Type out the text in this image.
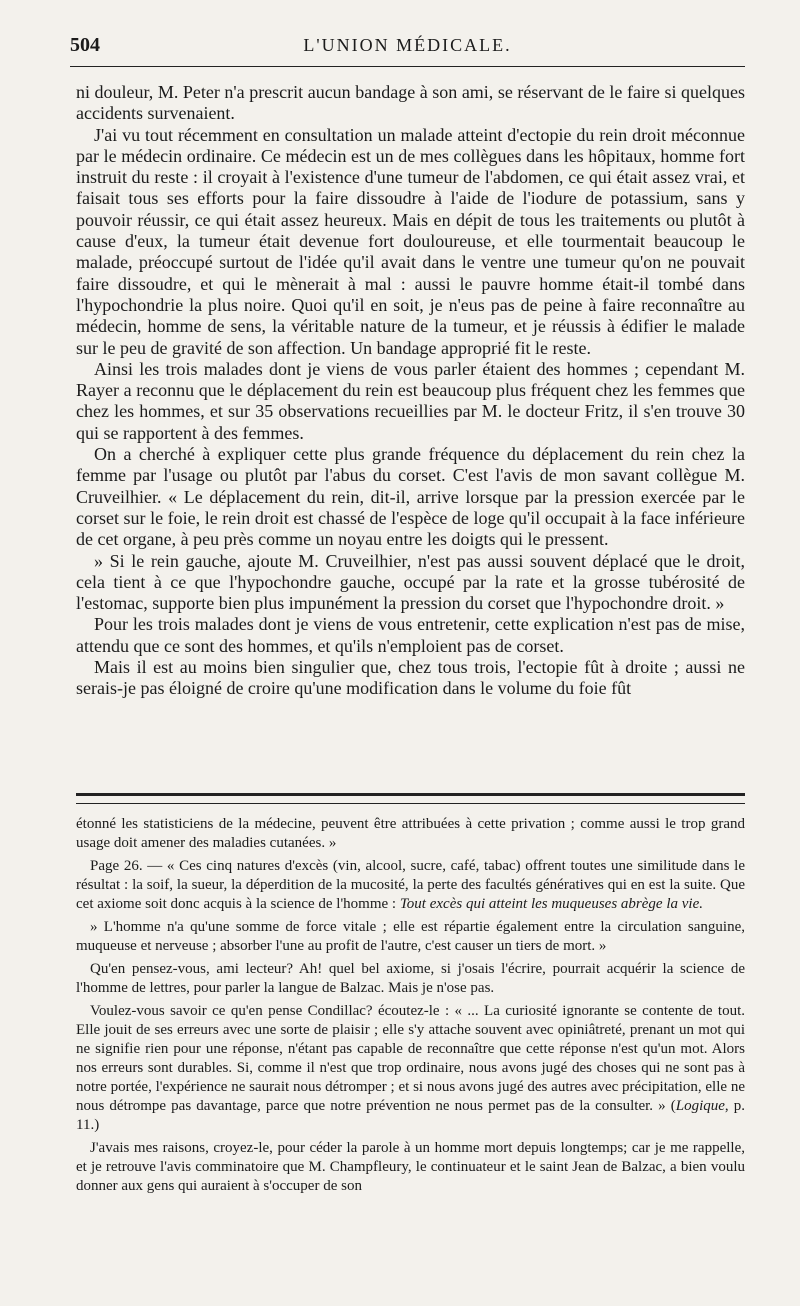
504	L'UNION MÉDICALE.

ni douleur, M. Peter n'a prescrit aucun bandage à son ami, se réservant de le faire si quelques accidents survenaient.

J'ai vu tout récemment en consultation un malade atteint d'ectopie du rein droit méconnue par le médecin ordinaire. Ce médecin est un de mes collègues dans les hôpitaux, homme fort instruit du reste : il croyait à l'existence d'une tumeur de l'abdomen, ce qui était assez vrai, et faisait tous ses efforts pour la faire dissoudre à l'aide de l'iodure de potassium, sans y pouvoir réussir, ce qui était assez heureux. Mais en dépit de tous les traitements ou plutôt à cause d'eux, la tumeur était devenue fort douloureuse, et elle tourmentait beaucoup le malade, préoccupé surtout de l'idée qu'il avait dans le ventre une tumeur qu'on ne pouvait faire dissoudre, et qui le mènerait à mal : aussi le pauvre homme était-il tombé dans l'hypochondrie la plus noire. Quoi qu'il en soit, je n'eus pas de peine à faire reconnaître au médecin, homme de sens, la véritable nature de la tumeur, et je réussis à édifier le malade sur le peu de gravité de son affection. Un bandage approprié fit le reste.

Ainsi les trois malades dont je viens de vous parler étaient des hommes ; cependant M. Rayer a reconnu que le déplacement du rein est beaucoup plus fréquent chez les femmes que chez les hommes, et sur 35 observations recueillies par M. le docteur Fritz, il s'en trouve 30 qui se rapportent à des femmes.

On a cherché à expliquer cette plus grande fréquence du déplacement du rein chez la femme par l'usage ou plutôt par l'abus du corset. C'est l'avis de mon savant collègue M. Cruveilhier. « Le déplacement du rein, dit-il, arrive lorsque par la pression exercée par le corset sur le foie, le rein droit est chassé de l'espèce de loge qu'il occupait à la face inférieure de cet organe, à peu près comme un noyau entre les doigts qui le pressent.

» Si le rein gauche, ajoute M. Cruveilhier, n'est pas aussi souvent déplacé que le droit, cela tient à ce que l'hypochondre gauche, occupé par la rate et la grosse tubérosité de l'estomac, supporte bien plus impunément la pression du corset que l'hypochondre droit. »

Pour les trois malades dont je viens de vous entretenir, cette explication n'est pas de mise, attendu que ce sont des hommes, et qu'ils n'emploient pas de corset.

Mais il est au moins bien singulier que, chez tous trois, l'ectopie fût à droite ; aussi ne serais-je pas éloigné de croire qu'une modification dans le volume du foie fût

étonné les statisticiens de la médecine, peuvent être attribuées à cette privation ; comme aussi le trop grand usage doit amener des maladies cutanées. »

Page 26. — « Ces cinq natures d'excès (vin, alcool, sucre, café, tabac) offrent toutes une similitude dans le résultat : la soif, la sueur, la déperdition de la mucosité, la perte des facultés génératives qui en est la suite. Que cet axiome soit donc acquis à la science de l'homme : Tout excès qui atteint les muqueuses abrège la vie.

» L'homme n'a qu'une somme de force vitale ; elle est répartie également entre la circulation sanguine, muqueuse et nerveuse ; absorber l'une au profit de l'autre, c'est causer un tiers de mort. »

Qu'en pensez-vous, ami lecteur? Ah! quel bel axiome, si j'osais l'écrire, pourrait acquérir la science de l'homme de lettres, pour parler la langue de Balzac. Mais je n'ose pas.

Voulez-vous savoir ce qu'en pense Condillac? écoutez-le : « ... La curiosité ignorante se contente de tout. Elle jouit de ses erreurs avec une sorte de plaisir ; elle s'y attache souvent avec opiniâtreté, prenant un mot qui ne signifie rien pour une réponse, n'étant pas capable de reconnaître que cette réponse n'est qu'un mot. Alors nos erreurs sont durables. Si, comme il n'est que trop ordinaire, nous avons jugé des choses qui ne sont pas à notre portée, l'expérience ne saurait nous détromper ; et si nous avons jugé des autres avec précipitation, elle ne nous détrompe pas davantage, parce que notre prévention ne nous permet pas de la consulter. » (Logique, p. 11.)

J'avais mes raisons, croyez-le, pour céder la parole à un homme mort depuis longtemps; car je me rappelle, et je retrouve l'avis comminatoire que M. Champfleury, le continuateur et le saint Jean de Balzac, a bien voulu donner aux gens qui auraient à s'occuper de son
